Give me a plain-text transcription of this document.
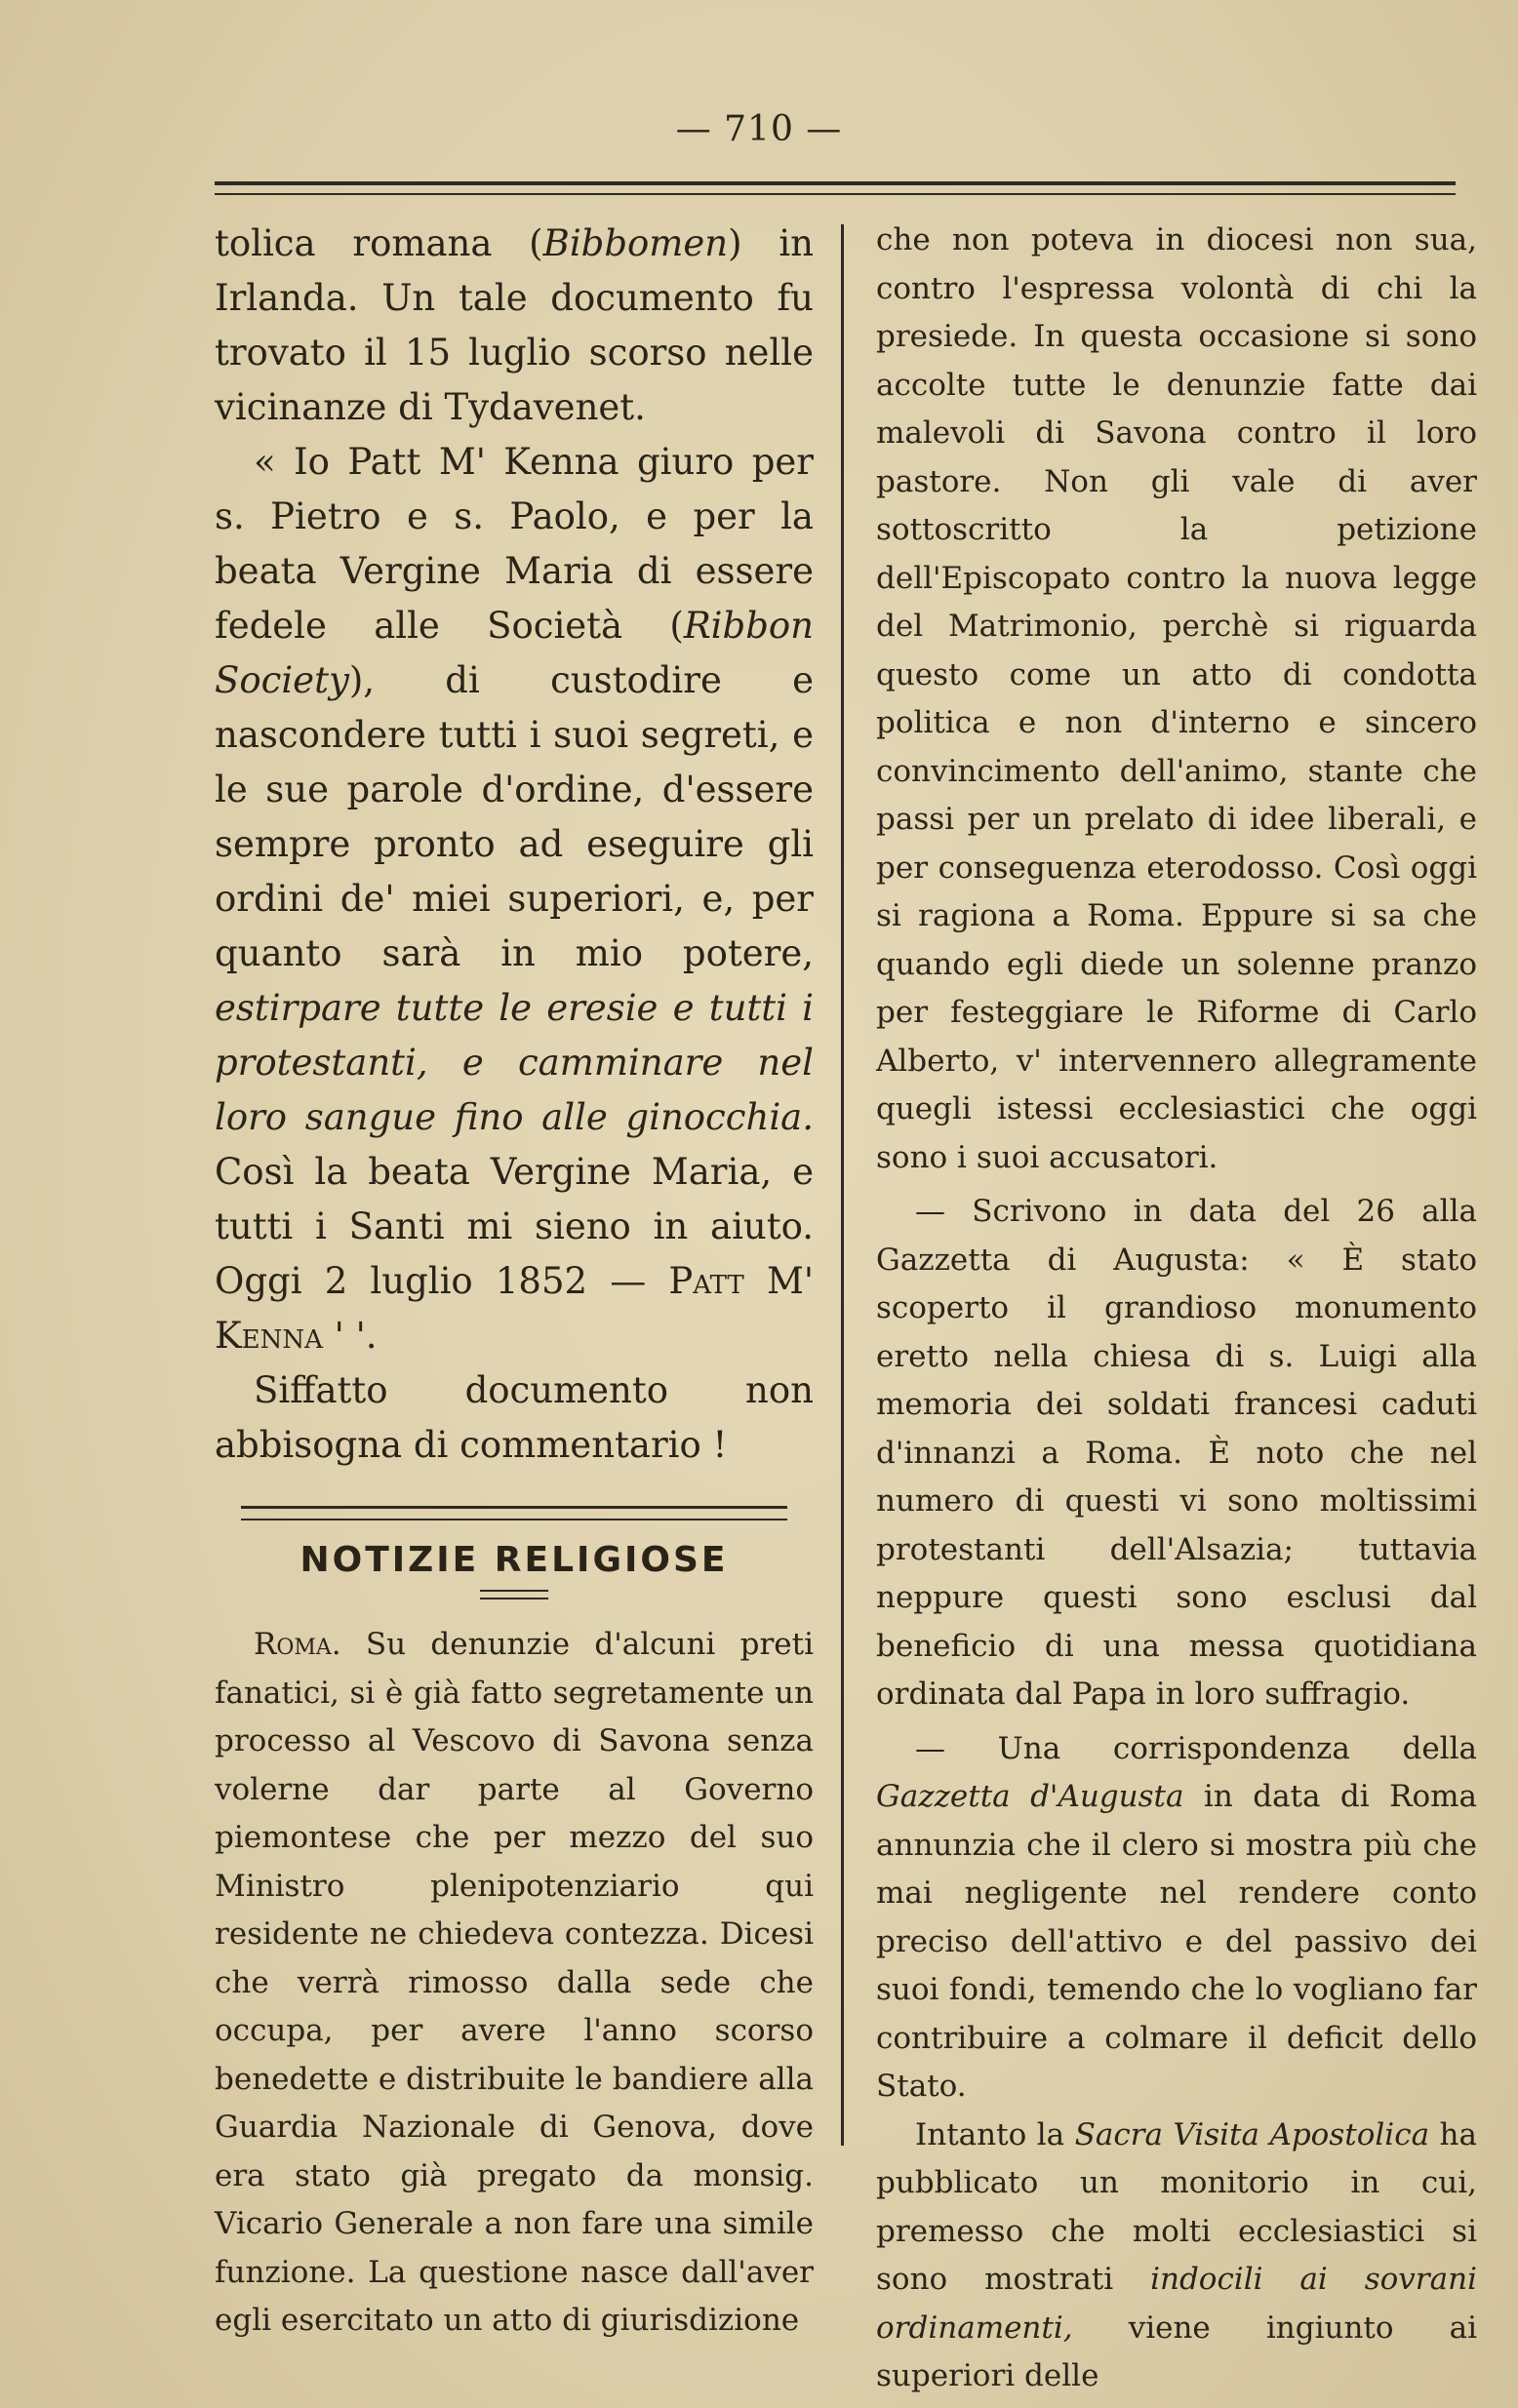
— 710 —

tolica romana (Bibbomen) in Irlanda. Un tale documento fu trovato il 15 luglio scorso nelle vicinanze di Tydavenet.

« Io Patt M' Kenna giuro per s. Pietro e s. Paolo, e per la beata Vergine Maria di essere fedele alle Società (Ribbon Society), di custodire e nascondere tutti i suoi segreti, e le sue parole d'ordine, d'essere sempre pronto ad eseguire gli ordini de' miei superiori, e, per quanto sarà in mio potere, estirpare tutte le eresie e tutti i protestanti, e camminare nel loro sangue fino alle ginocchia. Così la beata Vergine Maria, e tutti i Santi mi sieno in aiuto. Oggi 2 luglio 1852 — Patt M' Kenna ' '.

Siffatto documento non abbisogna di commentario !

NOTIZIE RELIGIOSE

Roma. Su denunzie d'alcuni preti fanatici, si è già fatto segretamente un processo al Vescovo di Savona senza volerne dar parte al Governo piemontese che per mezzo del suo Ministro plenipotenziario qui residente ne chiedeva contezza. Dicesi che verrà rimosso dalla sede che occupa, per avere l'anno scorso benedette e distribuite le bandiere alla Guardia Nazionale di Genova, dove era stato già pregato da monsig. Vicario Generale a non fare una simile funzione. La questione nasce dall'aver egli esercitato un atto di giurisdizione

che non poteva in diocesi non sua, contro l'espressa volontà di chi la presiede. In questa occasione si sono accolte tutte le denunzie fatte dai malevoli di Savona contro il loro pastore. Non gli vale di aver sottoscritto la petizione dell'Episcopato contro la nuova legge del Matrimonio, perchè si riguarda questo come un atto di condotta politica e non d'interno e sincero convincimento dell'animo, stante che passi per un prelato di idee liberali, e per conseguenza eterodosso. Così oggi si ragiona a Roma. Eppure si sa che quando egli diede un solenne pranzo per festeggiare le Riforme di Carlo Alberto, v' intervennero allegramente quegli istessi ecclesiastici che oggi sono i suoi accusatori.

— Scrivono in data del 26 alla Gazzetta di Augusta: « È stato scoperto il grandioso monumento eretto nella chiesa di s. Luigi alla memoria dei soldati francesi caduti d'innanzi a Roma. È noto che nel numero di questi vi sono moltissimi protestanti dell'Alsazia; tuttavia neppure questi sono esclusi dal beneficio di una messa quotidiana ordinata dal Papa in loro suffragio.

— Una corrispondenza della Gazzetta d'Augusta in data di Roma annunzia che il clero si mostra più che mai negligente nel rendere conto preciso dell'attivo e del passivo dei suoi fondi, temendo che lo vogliano far contribuire a colmare il deficit dello Stato.

Intanto la Sacra Visita Apostolica ha pubblicato un monitorio in cui, premesso che molti ecclesiastici si sono mostrati indocili ai sovrani ordinamenti, viene ingiunto ai superiori delle
